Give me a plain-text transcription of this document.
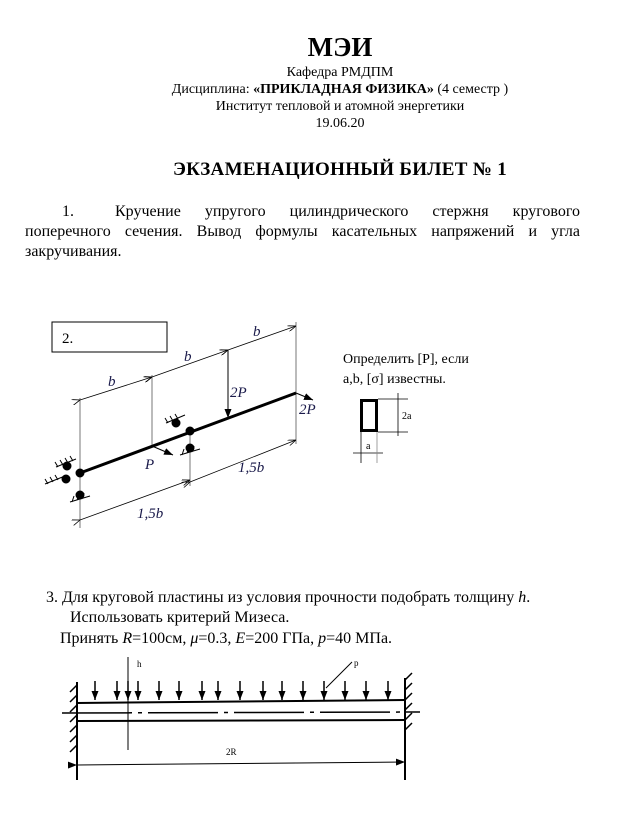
МЭИ
Кафедра РМДПМ
Дисциплина: «ПРИКЛАДНАЯ ФИЗИКА» (4 семестр )
Институт тепловой и атомной энергетики
19.06.20
ЭКЗАМЕНАЦИОННЫЙ БИЛЕТ № 1
1.	Кручение упругого цилиндрического стержня кругового поперечного сечения. Вывод формулы касательных напряжений и угла закручивания.
2.
b
b
b
1,5b
1,5b
2P
2P
P
Определить [P], если
a,b, [σ] известны.
2a
a
h	p
2R
3. Для круговой пластины из условия прочности подобрать толщину h.
Использовать критерий Мизеса.
Принять R=100см, μ=0.3, E=200 ГПа, p=40 МПа.
